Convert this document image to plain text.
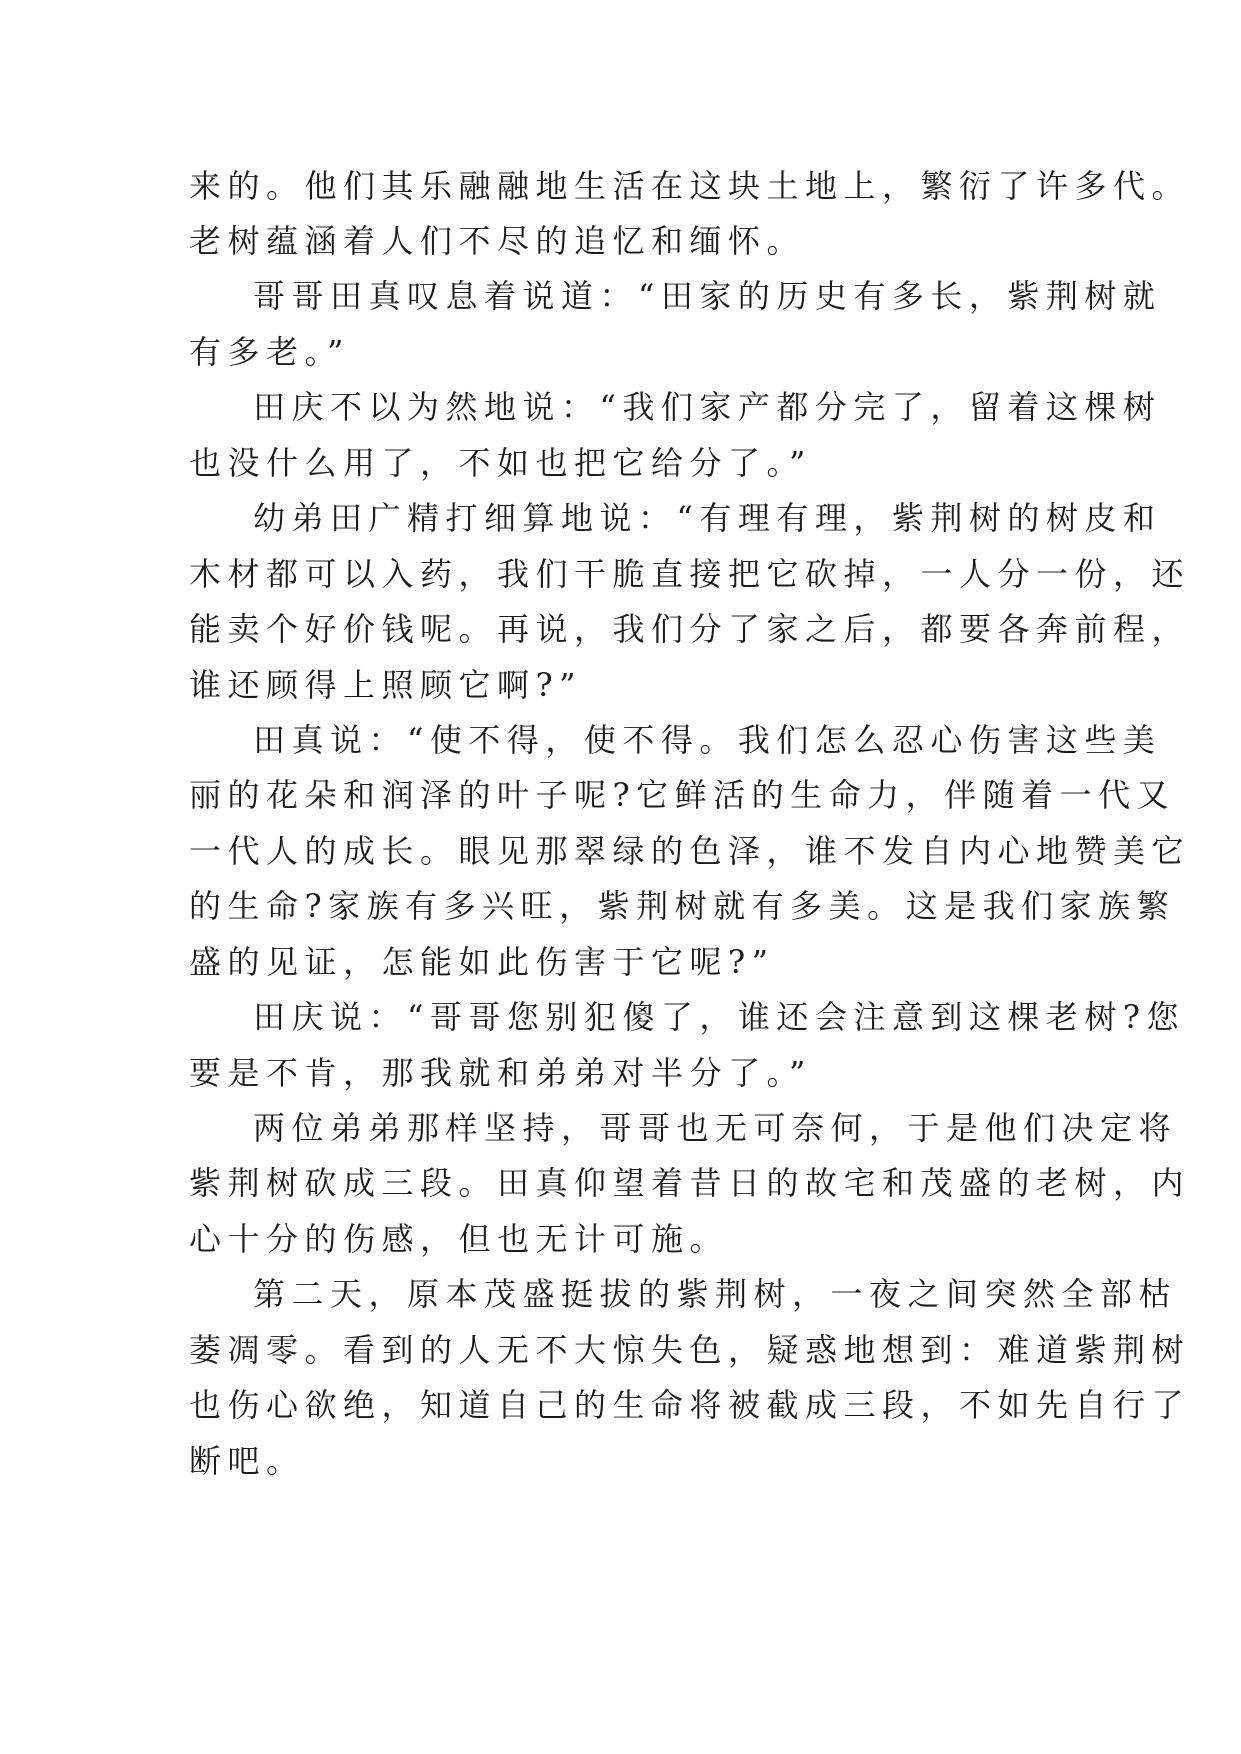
来的。他们其乐融融地生活在这块土地上，繁衍了许多代。
老树蕴涵着人们不尽的追忆和缅怀。
哥哥田真叹息着说道：“田家的历史有多长，紫荆树就
有多老。”
田庆不以为然地说：“我们家产都分完了，留着这棵树
也没什么用了，不如也把它给分了。”
幼弟田广精打细算地说：“有理有理，紫荆树的树皮和
木材都可以入药，我们干脆直接把它砍掉，一人分一份，还
能卖个好价钱呢。再说，我们分了家之后，都要各奔前程，
谁还顾得上照顾它啊?”
田真说：“使不得，使不得。我们怎么忍心伤害这些美
丽的花朵和润泽的叶子呢?它鲜活的生命力，伴随着一代又
一代人的成长。眼见那翠绿的色泽，谁不发自内心地赞美它
的生命?家族有多兴旺，紫荆树就有多美。这是我们家族繁
盛的见证，怎能如此伤害于它呢?”
田庆说：“哥哥您别犯傻了，谁还会注意到这棵老树?您
要是不肯，那我就和弟弟对半分了。”
两位弟弟那样坚持，哥哥也无可奈何，于是他们决定将
紫荆树砍成三段。田真仰望着昔日的故宅和茂盛的老树，内
心十分的伤感，但也无计可施。
第二天，原本茂盛挺拔的紫荆树，一夜之间突然全部枯
萎凋零。看到的人无不大惊失色，疑惑地想到：难道紫荆树
也伤心欲绝，知道自己的生命将被截成三段，不如先自行了
断吧。
